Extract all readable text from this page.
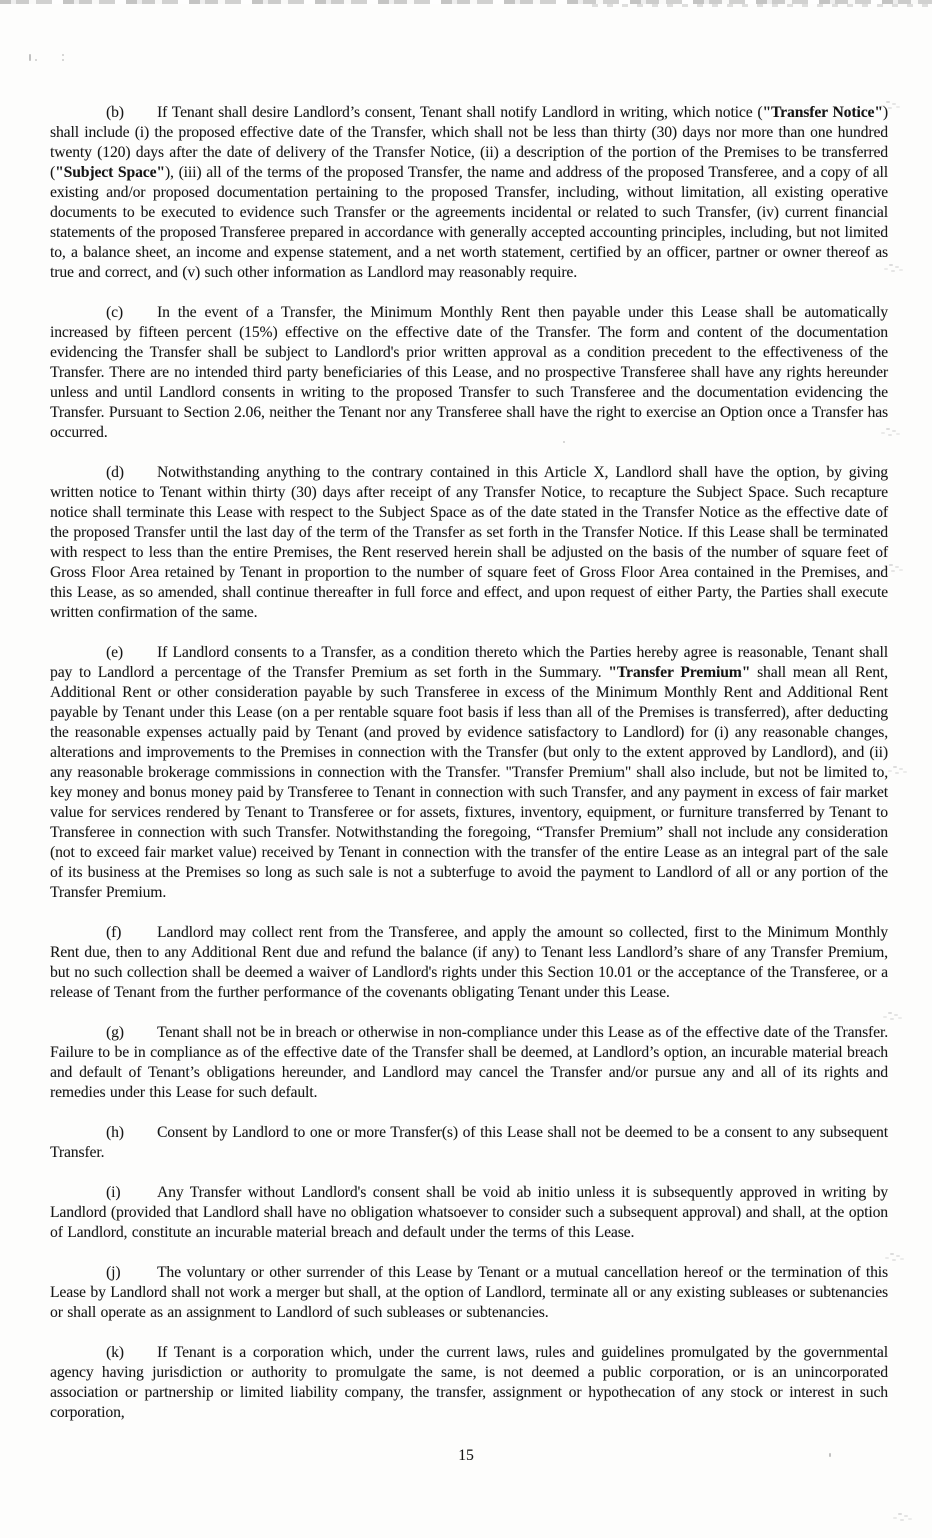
(b) If Tenant shall desire Landlord’s consent, Tenant shall notify Landlord in writing, which notice ("Transfer Notice") shall include (i) the proposed effective date of the Transfer, which shall not be less than thirty (30) days nor more than one hundred twenty (120) days after the date of delivery of the Transfer Notice, (ii) a description of the portion of the Premises to be transferred ("Subject Space"), (iii) all of the terms of the proposed Transfer, the name and address of the proposed Transferee, and a copy of all existing and/or proposed documentation pertaining to the proposed Transfer, including, without limitation, all existing operative documents to be executed to evidence such Transfer or the agreements incidental or related to such Transfer, (iv) current financial statements of the proposed Transferee prepared in accordance with generally accepted accounting principles, including, but not limited to, a balance sheet, an income and expense statement, and a net worth statement, certified by an officer, partner or owner thereof as true and correct, and (v) such other information as Landlord may reasonably require.

(c) In the event of a Transfer, the Minimum Monthly Rent then payable under this Lease shall be automatically increased by fifteen percent (15%) effective on the effective date of the Transfer. The form and content of the documentation evidencing the Transfer shall be subject to Landlord's prior written approval as a condition precedent to the effectiveness of the Transfer. There are no intended third party beneficiaries of this Lease, and no prospective Transferee shall have any rights hereunder unless and until Landlord consents in writing to the proposed Transfer to such Transferee and the documentation evidencing the Transfer. Pursuant to Section 2.06, neither the Tenant nor any Transferee shall have the right to exercise an Option once a Transfer has occurred.

(d) Notwithstanding anything to the contrary contained in this Article X, Landlord shall have the option, by giving written notice to Tenant within thirty (30) days after receipt of any Transfer Notice, to recapture the Subject Space. Such recapture notice shall terminate this Lease with respect to the Subject Space as of the date stated in the Transfer Notice as the effective date of the proposed Transfer until the last day of the term of the Transfer as set forth in the Transfer Notice. If this Lease shall be terminated with respect to less than the entire Premises, the Rent reserved herein shall be adjusted on the basis of the number of square feet of Gross Floor Area retained by Tenant in proportion to the number of square feet of Gross Floor Area contained in the Premises, and this Lease, as so amended, shall continue thereafter in full force and effect, and upon request of either Party, the Parties shall execute written confirmation of the same.

(e) If Landlord consents to a Transfer, as a condition thereto which the Parties hereby agree is reasonable, Tenant shall pay to Landlord a percentage of the Transfer Premium as set forth in the Summary. "Transfer Premium" shall mean all Rent, Additional Rent or other consideration payable by such Transferee in excess of the Minimum Monthly Rent and Additional Rent payable by Tenant under this Lease (on a per rentable square foot basis if less than all of the Premises is transferred), after deducting the reasonable expenses actually paid by Tenant (and proved by evidence satisfactory to Landlord) for (i) any reasonable changes, alterations and improvements to the Premises in connection with the Transfer (but only to the extent approved by Landlord), and (ii) any reasonable brokerage commissions in connection with the Transfer. "Transfer Premium" shall also include, but not be limited to, key money and bonus money paid by Transferee to Tenant in connection with such Transfer, and any payment in excess of fair market value for services rendered by Tenant to Transferee or for assets, fixtures, inventory, equipment, or furniture transferred by Tenant to Transferee in connection with such Transfer. Notwithstanding the foregoing, “Transfer Premium” shall not include any consideration (not to exceed fair market value) received by Tenant in connection with the transfer of the entire Lease as an integral part of the sale of its business at the Premises so long as such sale is not a subterfuge to avoid the payment to Landlord of all or any portion of the Transfer Premium.

(f) Landlord may collect rent from the Transferee, and apply the amount so collected, first to the Minimum Monthly Rent due, then to any Additional Rent due and refund the balance (if any) to Tenant less Landlord’s share of any Transfer Premium, but no such collection shall be deemed a waiver of Landlord's rights under this Section 10.01 or the acceptance of the Transferee, or a release of Tenant from the further performance of the covenants obligating Tenant under this Lease.

(g) Tenant shall not be in breach or otherwise in non-compliance under this Lease as of the effective date of the Transfer. Failure to be in compliance as of the effective date of the Transfer shall be deemed, at Landlord’s option, an incurable material breach and default of Tenant’s obligations hereunder, and Landlord may cancel the Transfer and/or pursue any and all of its rights and remedies under this Lease for such default.

(h) Consent by Landlord to one or more Transfer(s) of this Lease shall not be deemed to be a consent to any subsequent Transfer.

(i) Any Transfer without Landlord's consent shall be void ab initio unless it is subsequently approved in writing by Landlord (provided that Landlord shall have no obligation whatsoever to consider such a subsequent approval) and shall, at the option of Landlord, constitute an incurable material breach and default under the terms of this Lease.

(j) The voluntary or other surrender of this Lease by Tenant or a mutual cancellation hereof or the termination of this Lease by Landlord shall not work a merger but shall, at the option of Landlord, terminate all or any existing subleases or subtenancies or shall operate as an assignment to Landlord of such subleases or subtenancies.

(k) If Tenant is a corporation which, under the current laws, rules and guidelines promulgated by the governmental agency having jurisdiction or authority to promulgate the same, is not deemed a public corporation, or is an unincorporated association or partnership or limited liability company, the transfer, assignment or hypothecation of any stock or interest in such corporation,

15
